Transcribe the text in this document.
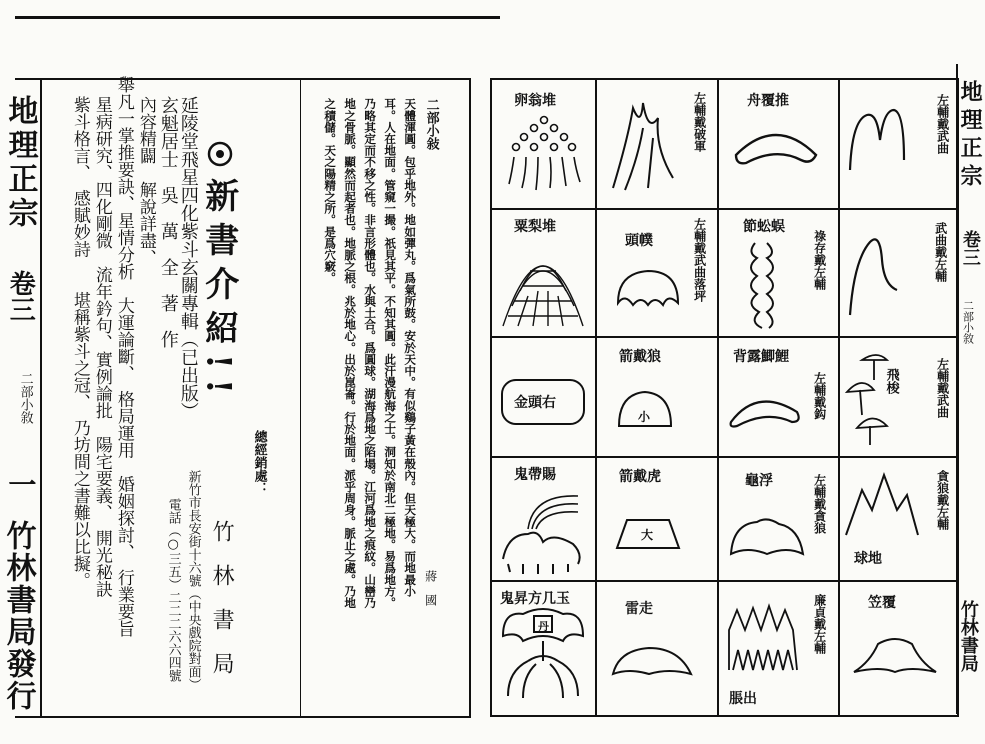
地理正宗
卷三
二部小敘
一
竹林書局發行
二部小敍
蔣　國
天體渾圓。包乎地外。地如彈丸。爲氣所鼓。安於天中。有似鷄子黃在殼內。但天極大。而地最小
耳。人在地面。管窺一撮。祇見其平。不知其圓。此汗漫航海之士。洞知於南北二極地。易爲地方。
乃略其定而不移之性。非言形體也。水與土合。爲圓球。湖海爲地之陷塌。江河爲地之痕紋。山巒乃
地之骨脈。顯然而起者也。地脈之根。兆於地心。出於崑崙。行於地面。派乎周身。脈止之處。乃地
之積儲。天之陽精之所。是爲穴竅。
新書介紹!!
延陵堂飛星四化紫斗玄關專輯（已出版）
玄魁居士　吳　萬　全　著　作
內容精闢　解說詳盡、
舉凡一掌推要訣、星情分析　大運論斷、　格局運用　婚姻探討、　行業要旨
星病研究、四化剛微　流年鈐句、實例論批　陽宅要義、　開光秘訣
紫斗格言、　感賦妙詩　　堪稱紫斗之冠、　乃坊間之書難以比擬。	總經銷處：
竹　林　書　局
新竹市長安街十六號（中央戲院對面）
電話（○三五）二二二六六四號
卵翁堆	左輔戴破軍	舟覆推	左輔戴武曲
粟梨堆
頭幞	左輔戴武曲落坪	節蚣蜈
祿存戴左輔	武曲戴左輔
金頭右
箭戴狼
小
背露鯽鯉
左輔戴鈎	左輔戴武曲
飛梭
鬼帶賜	箭戴虎
大
龜浮	左輔戴貪狼	貪狼戴左輔
球地
鬼昇方几玉
丹
雷走	廉貞戴左輔
脹出
笠覆
地理正宗
卷三
二部小敘
竹林書局
